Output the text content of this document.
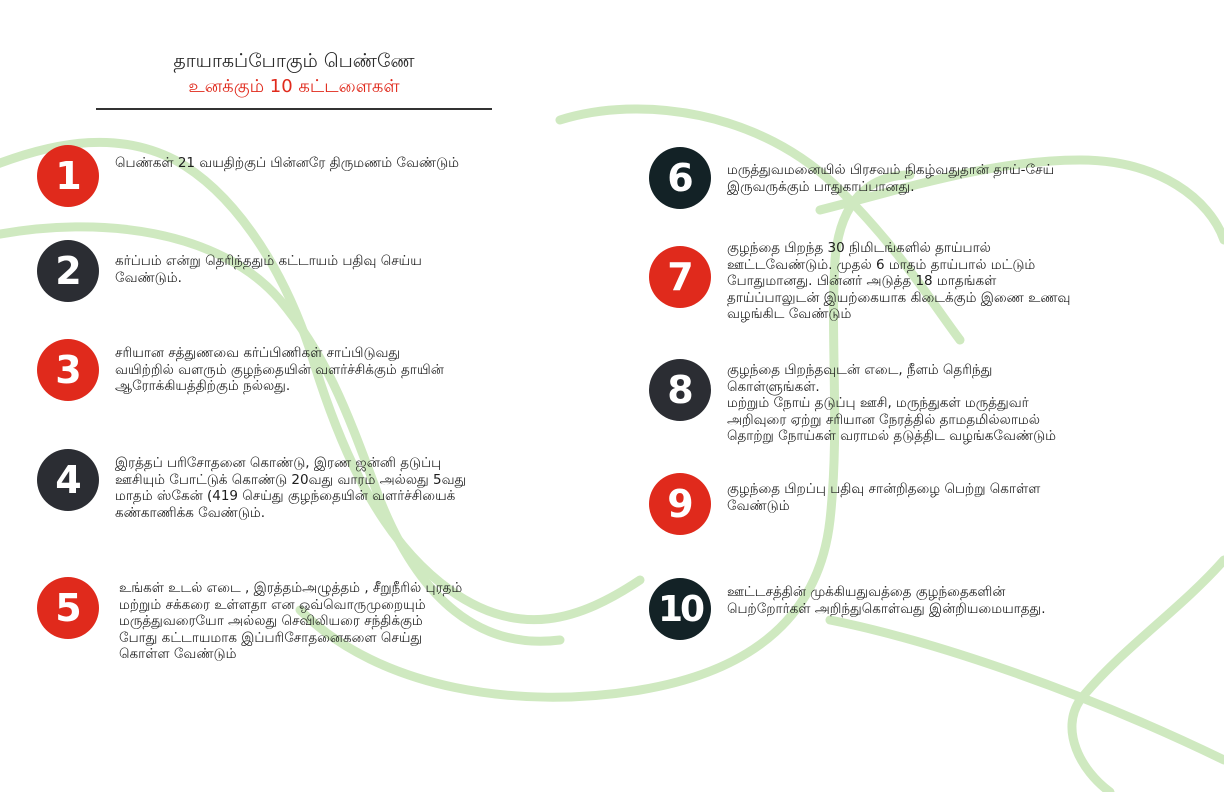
தாயாகப்போகும் பெண்ணே
உனக்கும் 10 கட்டளைகள்
1	பெண்கள் 21 வயதிற்குப் பின்னரே திருமணம் வேண்டும்
2	கர்ப்பம் என்று தெரிந்ததும் கட்டாயம் பதிவு செய்ய
வேண்டும்.
3	சரியான சத்துணவை கர்ப்பிணிகள் சாப்பிடுவது
வயிற்றில் வளரும் குழந்தையின் வளர்ச்சிக்கும் தாயின்
ஆரோக்கியத்திற்கும் நல்லது.
4	இரத்தப் பரிசோதனை கொண்டு, இரண ஜன்னி தடுப்பு
ஊசியும் போட்டுக் கொண்டு 20வது வாரம் அல்லது 5வது
மாதம் ஸ்கேன் (419 செய்து குழந்தையின் வளர்ச்சியைக்
கண்காணிக்க வேண்டும்.
5	உங்கள் உடல் எடை , இரத்தம்அழுத்தம் , சீறுநீரில் புரதம்
மற்றும் சக்கரை உள்ளதா என ஒவ்வொருமுறையும்
மருத்துவரையோ அல்லது செவிலியரை சந்திக்கும்
போது கட்டாயமாக இப்பரிசோதனைகளை செய்து
கொள்ள வேண்டும்
6	மருத்துவமனையில் பிரசவம் நிகழ்வதுதான் தாய்-சேய்
இருவருக்கும் பாதுகாப்பானது.
7
குழந்தை பிறந்த 30 நிமிடங்களில் தாய்பால்
ஊட்டவேண்டும். முதல் 6 மாதம் தாய்பால் மட்டும்
போதுமானது. பின்னர் அடுத்த 18 மாதங்கள்
தாய்ப்பாலுடன் இயற்கையாக கிடைக்கும் இணை உணவு
வழங்கிட வேண்டும்
8	குழந்தை பிறந்தவுடன் எடை, நீளம் தெரிந்து
கொள்ளுங்கள்.
மற்றும் நோய் தடுப்பு ஊசி, மருந்துகள் மருத்துவர்
அறிவுரை ஏற்று சரியான நேரத்தில் தாமதமில்லாமல்
தொற்று நோய்கள் வராமல் தடுத்திட வழங்கவேண்டும்
9	குழந்தை பிறப்பு பதிவு சான்றிதழை பெற்று கொள்ள
வேண்டும்
10	ஊட்டசத்தின் முக்கியதுவத்தை குழந்தைகளின்
பெற்றோர்கள் அறிந்துகொள்வது இன்றியமையாதது.
